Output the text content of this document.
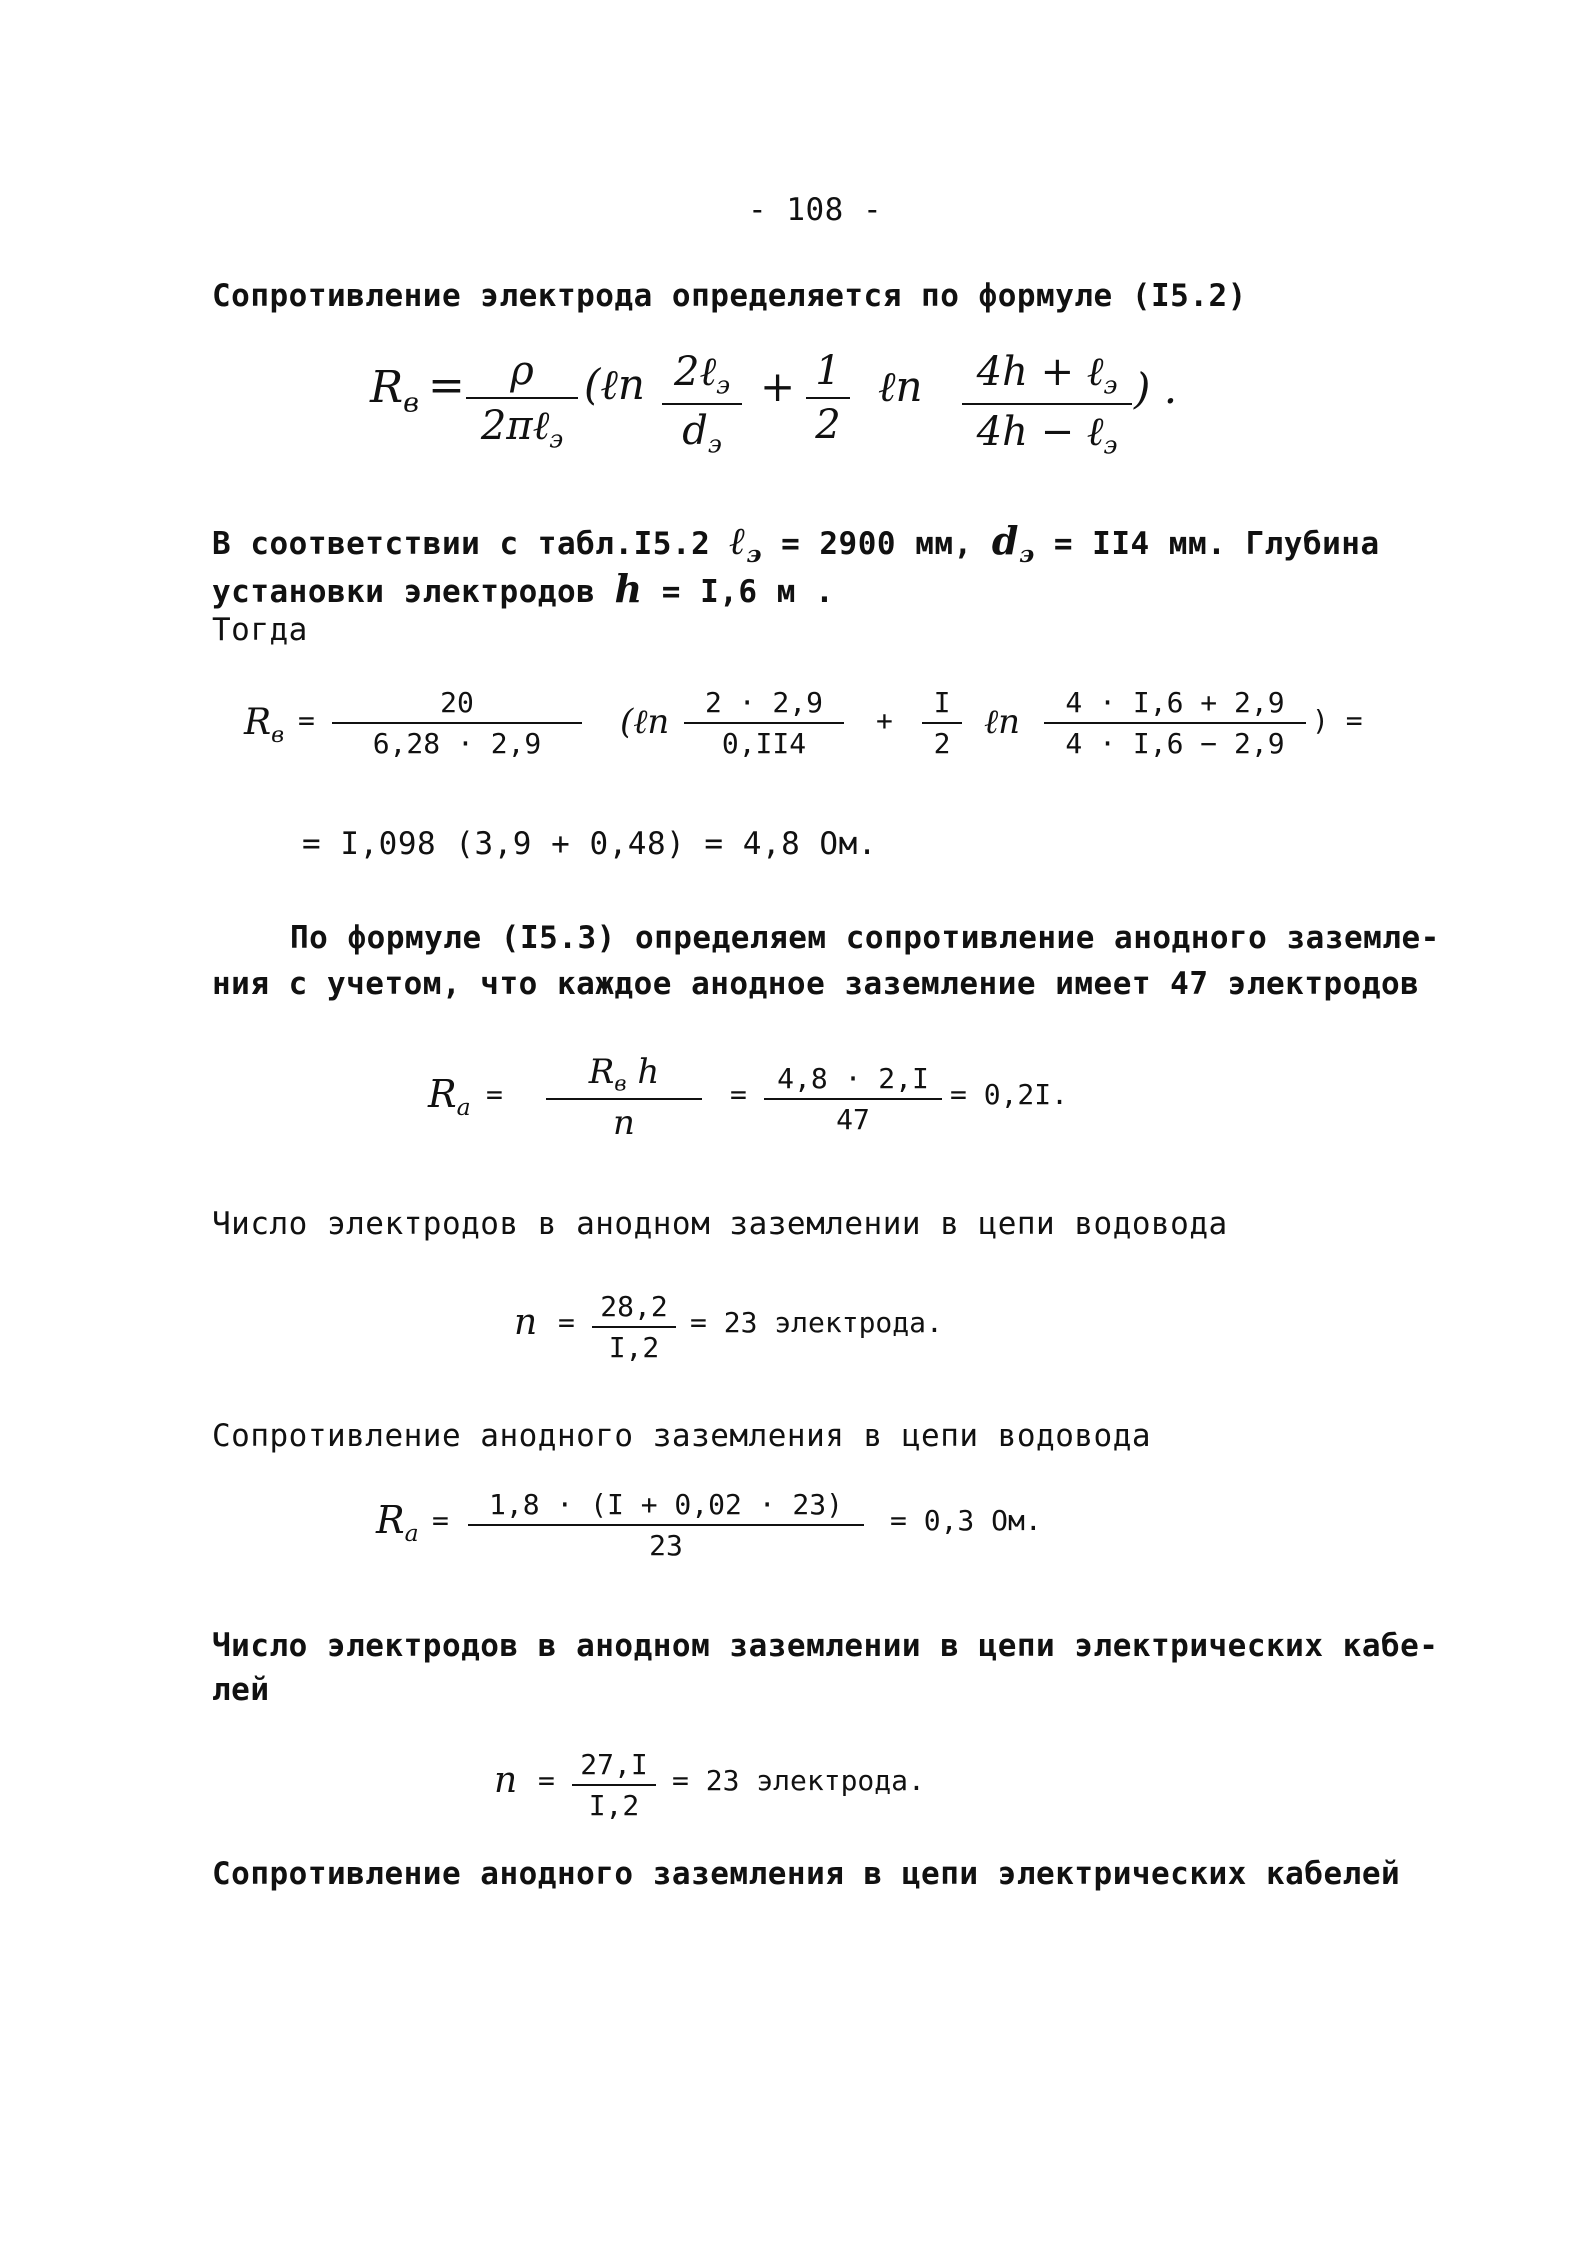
- 108 -
Сопротивление электрода определяется по формуле (I5.2)
$R_в$ =	ρ
2πℓ$_э$
(ℓn 2ℓ$_э$
$d_э$
+ 1
2
ℓn	4h + ℓ$_э$
4h − ℓ$_э$
) .
В соответствии с табл.I5.2 ℓ$_э$ = 2900 мм, $d_э = II4$ мм. Глубина
установки электродов h = I,6 м .
Тогда
$R_в$ =
20
6,28 · 2,9
(ℓn	2 · 2,9
0,II4
+
I
2
ℓn	4 · I,6 + 2,9
4 · I,6 − 2,9
) =
= I,098 (3,9 + 0,48) = 4,8 Ом.
По формуле (I5.3) определяем сопротивление анодного заземле-
ния с учетом, что каждое анодное заземление имеет 47 электродов
$R_a$ =
$R_в$ h
n
=	4,8 · 2,I
47
= 0,2I.
Число электродов в анодном заземлении в цепи водовода
n = 28,2
I,2
= 23 электрода.
Сопротивление анодного заземления в цепи водовода
$R_a$ =	1,8 · (I + 0,02 · 23)
23
= 0,3 Ом.
Число электродов в анодном заземлении в цепи электрических кабе-
лей
n = 27,I
I,2
= 23 электрода.
Сопротивление анодного заземления в цепи электрических кабелей
